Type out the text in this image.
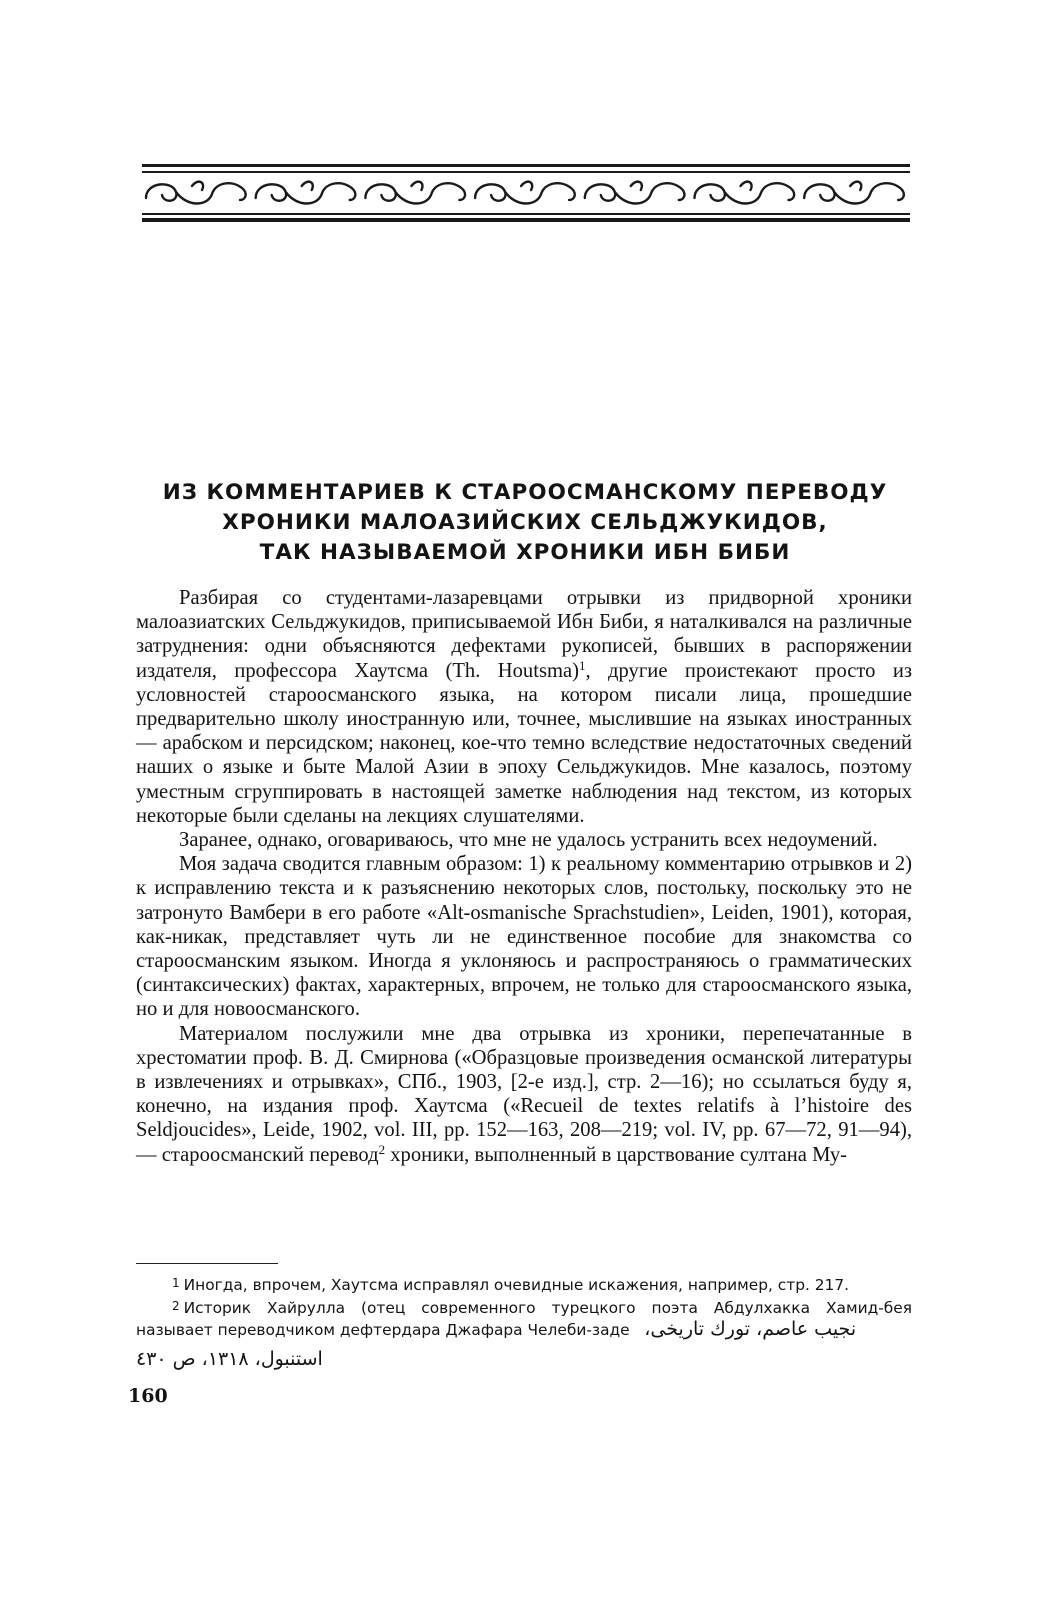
ИЗ КОММЕНТАРИЕВ К СТАРООСМАНСКОМУ ПЕРЕВОДУ
ХРОНИКИ МАЛОАЗИЙСКИХ СЕЛЬДЖУКИДОВ,
ТАК НАЗЫВАЕМОЙ ХРОНИКИ ИБН БИБИ

Разбирая со студентами-лазаревцами отрывки из придворной хроники малоазиатских Сельджукидов, приписываемой Ибн Биби, я наталкивался на различные затруднения: одни объясняются дефектами рукописей, бывших в распоряжении издателя, профессора Хаутсма (Th. Houtsma)$^1$, другие проистекают просто из условностей староосманского языка, на котором писали лица, прошедшие предварительно школу иностранную или, точнее, мыслившие на языках иностранных — арабском и персидском; наконец, кое-что темно вследствие недостаточных сведений наших о языке и быте Малой Азии в эпоху Сельджукидов. Мне казалось, поэтому уместным сгруппировать в настоящей заметке наблюдения над текстом, из которых некоторые были сделаны на лекциях слушателями.

Заранее, однако, оговариваюсь, что мне не удалось устранить всех недоумений.

Моя задача сводится главным образом: 1) к реальному комментарию отрывков и 2) к исправлению текста и к разъяснению некоторых слов, постольку, поскольку это не затронуто Вамбери в его работе «Alt-osmanische Sprachstudien», Leiden, 1901), которая, как-никак, представляет чуть ли не единственное пособие для знакомства со староосманским языком. Иногда я уклоняюсь и распространяюсь о грамматических (синтаксических) фактах, характерных, впрочем, не только для староосманского языка, но и для новоосманского.

Материалом послужили мне два отрывка из хроники, перепечатанные в хрестоматии проф. В. Д. Смирнова («Образцовые произведения османской литературы в извлечениях и отрывках», СПб., 1903, [2-е изд.], стр. 2—16); но ссылаться буду я, конечно, на издания проф. Хаутсма («Recueil de textes relatifs à l’histoire des Seldjoucides», Leide, 1902, vol. III, pp. 152—163, 208—219; vol. IV, pp. 67—72, 91—94), — староосманский перевод$^2$ хроники, выполненный в царствование султана Му-

1 Иногда, впрочем, Хаутсма исправлял очевидные искажения, например, стр. 217.

2 Историк Хайрулла (отец современного турецкого поэта Абдулхакка Хамид-бея называет переводчиком дефтердара Джафара Челеби-заде نجيب عاصم، تورك تاريخى،

استنبول، ١٣١٨، ص ٤٣٠
160
